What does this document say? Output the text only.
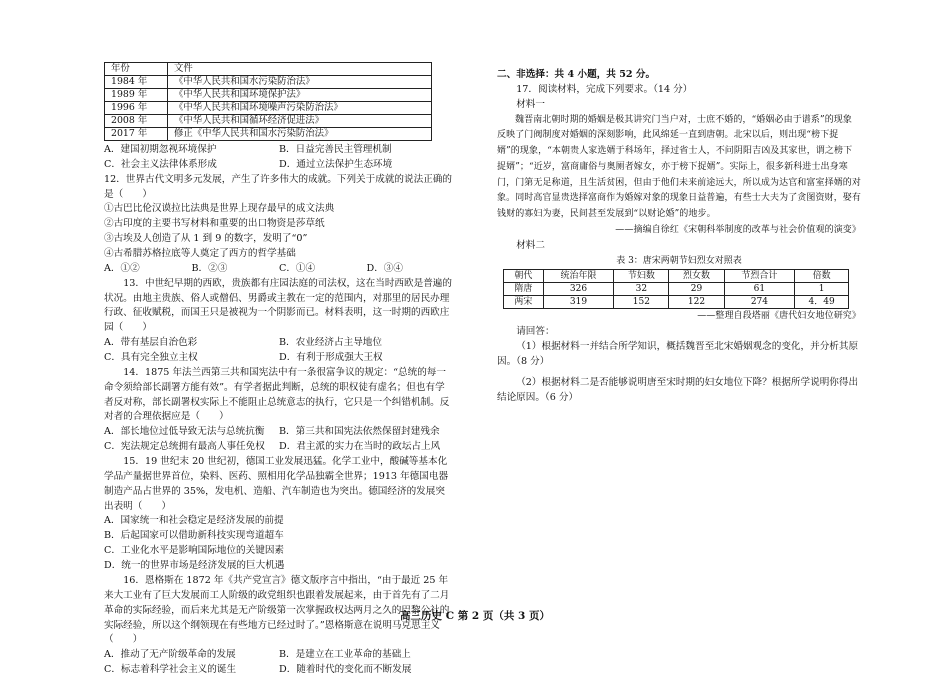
年份	文件
1984 年	《中华人民共和国水污染防治法》
1989 年	《中华人民共和国环境保护法》
1996 年	《中华人民共和国环境噪声污染防治法》
2008 年	《中华人民共和国循环经济促进法》
2017 年	修正《中华人民共和国水污染防治法》
A．建国初期忽视环境保护	B．日益完善民主管理机制
C．社会主义法律体系形成	D．通过立法保护生态环境

12．世界古代文明多元发展，产生了许多伟大的成就。下列关于成就的说法正确的是（　　）

①古巴比伦汉谟拉比法典是世界上现存最早的成文法典

②古印度的主要书写材料和重要的出口物资是莎草纸

③古埃及人创造了从 1 到 9 的数字，发明了“0”

④古希腊苏格拉底等人奠定了西方的哲学基础

A．①②	B．②③	C．①④	D．③④

13．中世纪早期的西欧，贵族都有庄园法庭的司法权，这在当时西欧是普遍的状况。由地主贵族、俗人或僧侣、男爵或主教在一定的范围内，对那里的居民办理行政、征收赋税，而国王只是被视为一个阴影而已。材料表明，这一时期的西欧庄园（　　）

A．带有基层自治色彩	B．农业经济占主导地位
C．具有完全独立主权	D．有利于形成强大王权

14．1875 年法兰西第三共和国宪法中有一条很富争议的规定：“总统的每一命令须给部长副署方能有效”。有学者据此判断，总统的职权徒有虚名；但也有学者反对称，部长副署权实际上不能阻止总统意志的执行，它只是一个纠错机制。反对者的合理依据应是（　　）

A．部长地位过低导致无法与总统抗衡	B．第三共和国宪法依然保留封建残余
C．宪法规定总统拥有最高人事任免权	D．君主派的实力在当时的政坛占上风

15．19 世纪末 20 世纪初，德国工业发展迅猛。化学工业中，酸碱等基本化学品产量据世界首位，染料、医药、照相用化学品独霸全世界；1913 年德国电器制造产品占世界的 35%，发电机、造船、汽车制造也为突出。德国经济的发展突出表明（　　）

A．国家统一和社会稳定是经济发展的前提

B．后起国家可以借助新科技实现弯道超车

C．工业化水平是影响国际地位的关键因素

D．统一的世界市场是经济发展的巨大机遇

16．恩格斯在 1872 年《共产党宣言》德文版序言中指出，“由于最近 25 年来大工业有了巨大发展而工人阶级的政党组织也跟着发展起来，由于首先有了二月革命的实际经验，而后来尤其是无产阶级第一次掌握政权达两月之久的巴黎公社的实际经验，所以这个纲领现在有些地方已经过时了。”恩格斯意在说明马克思主义（　　）

A．推动了无产阶级革命的发展	B．是建立在工业革命的基础上
C．标志着科学社会主义的诞生	D．随着时代的变化而不断发展

二、非选择：共 4 小题，共 52 分。

17．阅读材料，完成下列要求。（14 分）

材料一

魏晋南北朝时期的婚姻是极其讲究门当户对，士庶不婚的，“婚姻必由于谱系”的现象反映了门阀制度对婚姻的深刻影响，此风绵延一直到唐朝。北宋以后，则出现“榜下捉婿”的现象，“本朝贵人家选婿于科场年，择过省士人，不问阴阳吉凶及其家世，谓之榜下捉婿”；“近岁，富商庸俗与奥厕者嫁女，亦于榜下捉婿”。实际上，很多新科进士出身寒门，门第无足称道，且生活贫困，但由于他们未来前途远大，所以成为达官和富室择婿的对象。同时高官显贵选择富商作为婚嫁对象的现象日益普遍，有些士大夫为了贪图资财，娶有钱财的寡妇为妻，民间甚至发展到“以财论婚”的地步。

——摘编自徐红《宋朝科举制度的改革与社会价值观的演变》

材料二

表 3：唐宋两朝节妇烈女对照表

朝代	统治年限	节妇数	烈女数	节烈合计	倍数
隋唐	326	32	29	61	1
两宋	319	152	122	274	4．49

——整理自段塔丽《唐代妇女地位研究》

请回答：

（1）根据材料一并结合所学知识，概括魏晋至北宋婚姻观念的变化，并分析其原因。（8 分）

（2）根据材料二是否能够说明唐至宋时期的妇女地位下降？根据所学说明你得出结论原因。（6 分）

高三历史 C 第 2 页（共 3 页）
